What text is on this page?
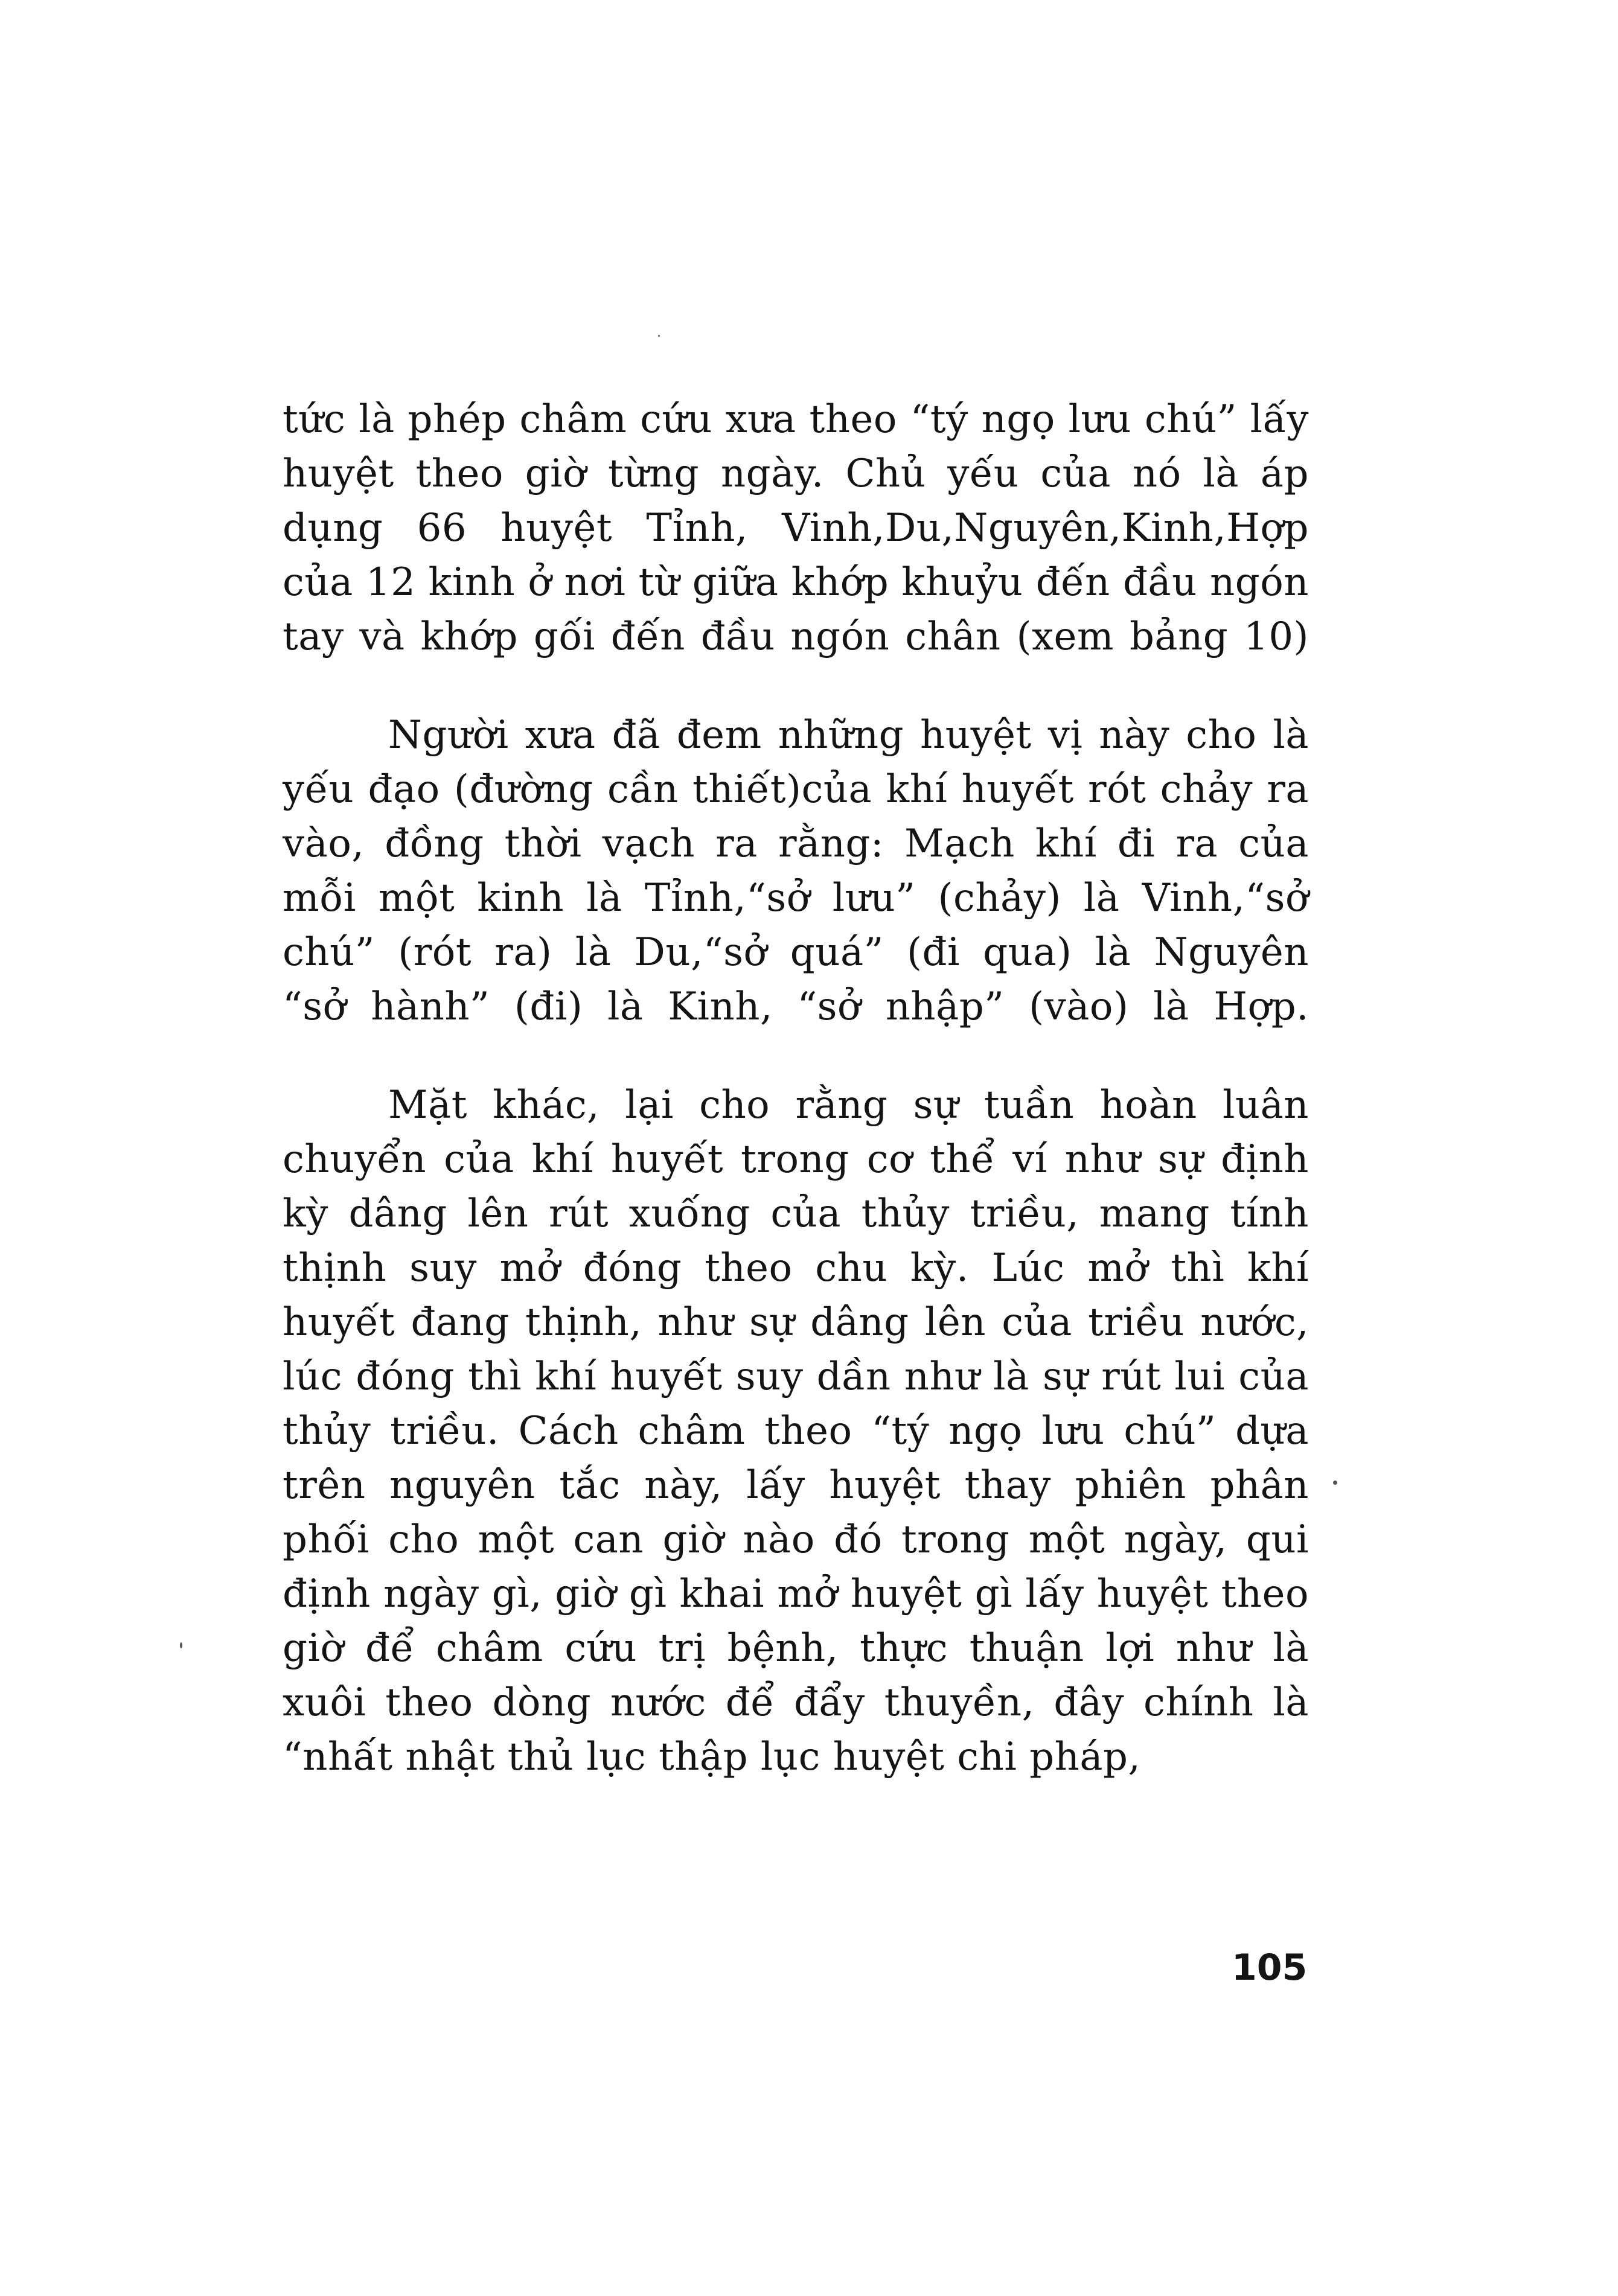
tức là phép châm cứu xưa theo “tý ngọ lưu chú” lấy
huyệt theo giờ từng ngày. Chủ yếu của nó là áp
dụng 66 huyệt Tỉnh, Vinh,Du,Nguyên,Kinh,Hợp
của 12 kinh ở nơi từ giữa khớp khuỷu đến đầu ngón
tay và khớp gối đến đầu ngón chân (xem bảng 10)
Người xưa đã đem những huyệt vị này cho là
yếu đạo (đường cần thiết)của khí huyết rót chảy ra
vào, đồng thời vạch ra rằng: Mạch khí đi ra của
mỗi một kinh là Tỉnh,“sở lưu” (chảy) là Vinh,“sở
chú” (rót ra) là Du,“sở quá” (đi qua) là Nguyên
“sở hành” (đi) là Kinh, “sở nhập” (vào) là Hợp.
Mặt khác, lại cho rằng sự tuần hoàn luân
chuyển của khí huyết trong cơ thể ví như sự định
kỳ dâng lên rút xuống của thủy triều, mang tính
thịnh suy mở đóng theo chu kỳ. Lúc mở thì khí
huyết đang thịnh, như sự dâng lên của triều nước,
lúc đóng thì khí huyết suy dần như là sự rút lui của
thủy triều. Cách châm theo “tý ngọ lưu chú” dựa
trên nguyên tắc này, lấy huyệt thay phiên phân
phối cho một can giờ nào đó trong một ngày, qui
định ngày gì, giờ gì khai mở huyệt gì lấy huyệt theo
giờ để châm cứu trị bệnh, thực thuận lợi như là
xuôi theo dòng nước để đẩy thuyền, đây chính là
“nhất nhật thủ lục thập lục huyệt chi pháp,
105
